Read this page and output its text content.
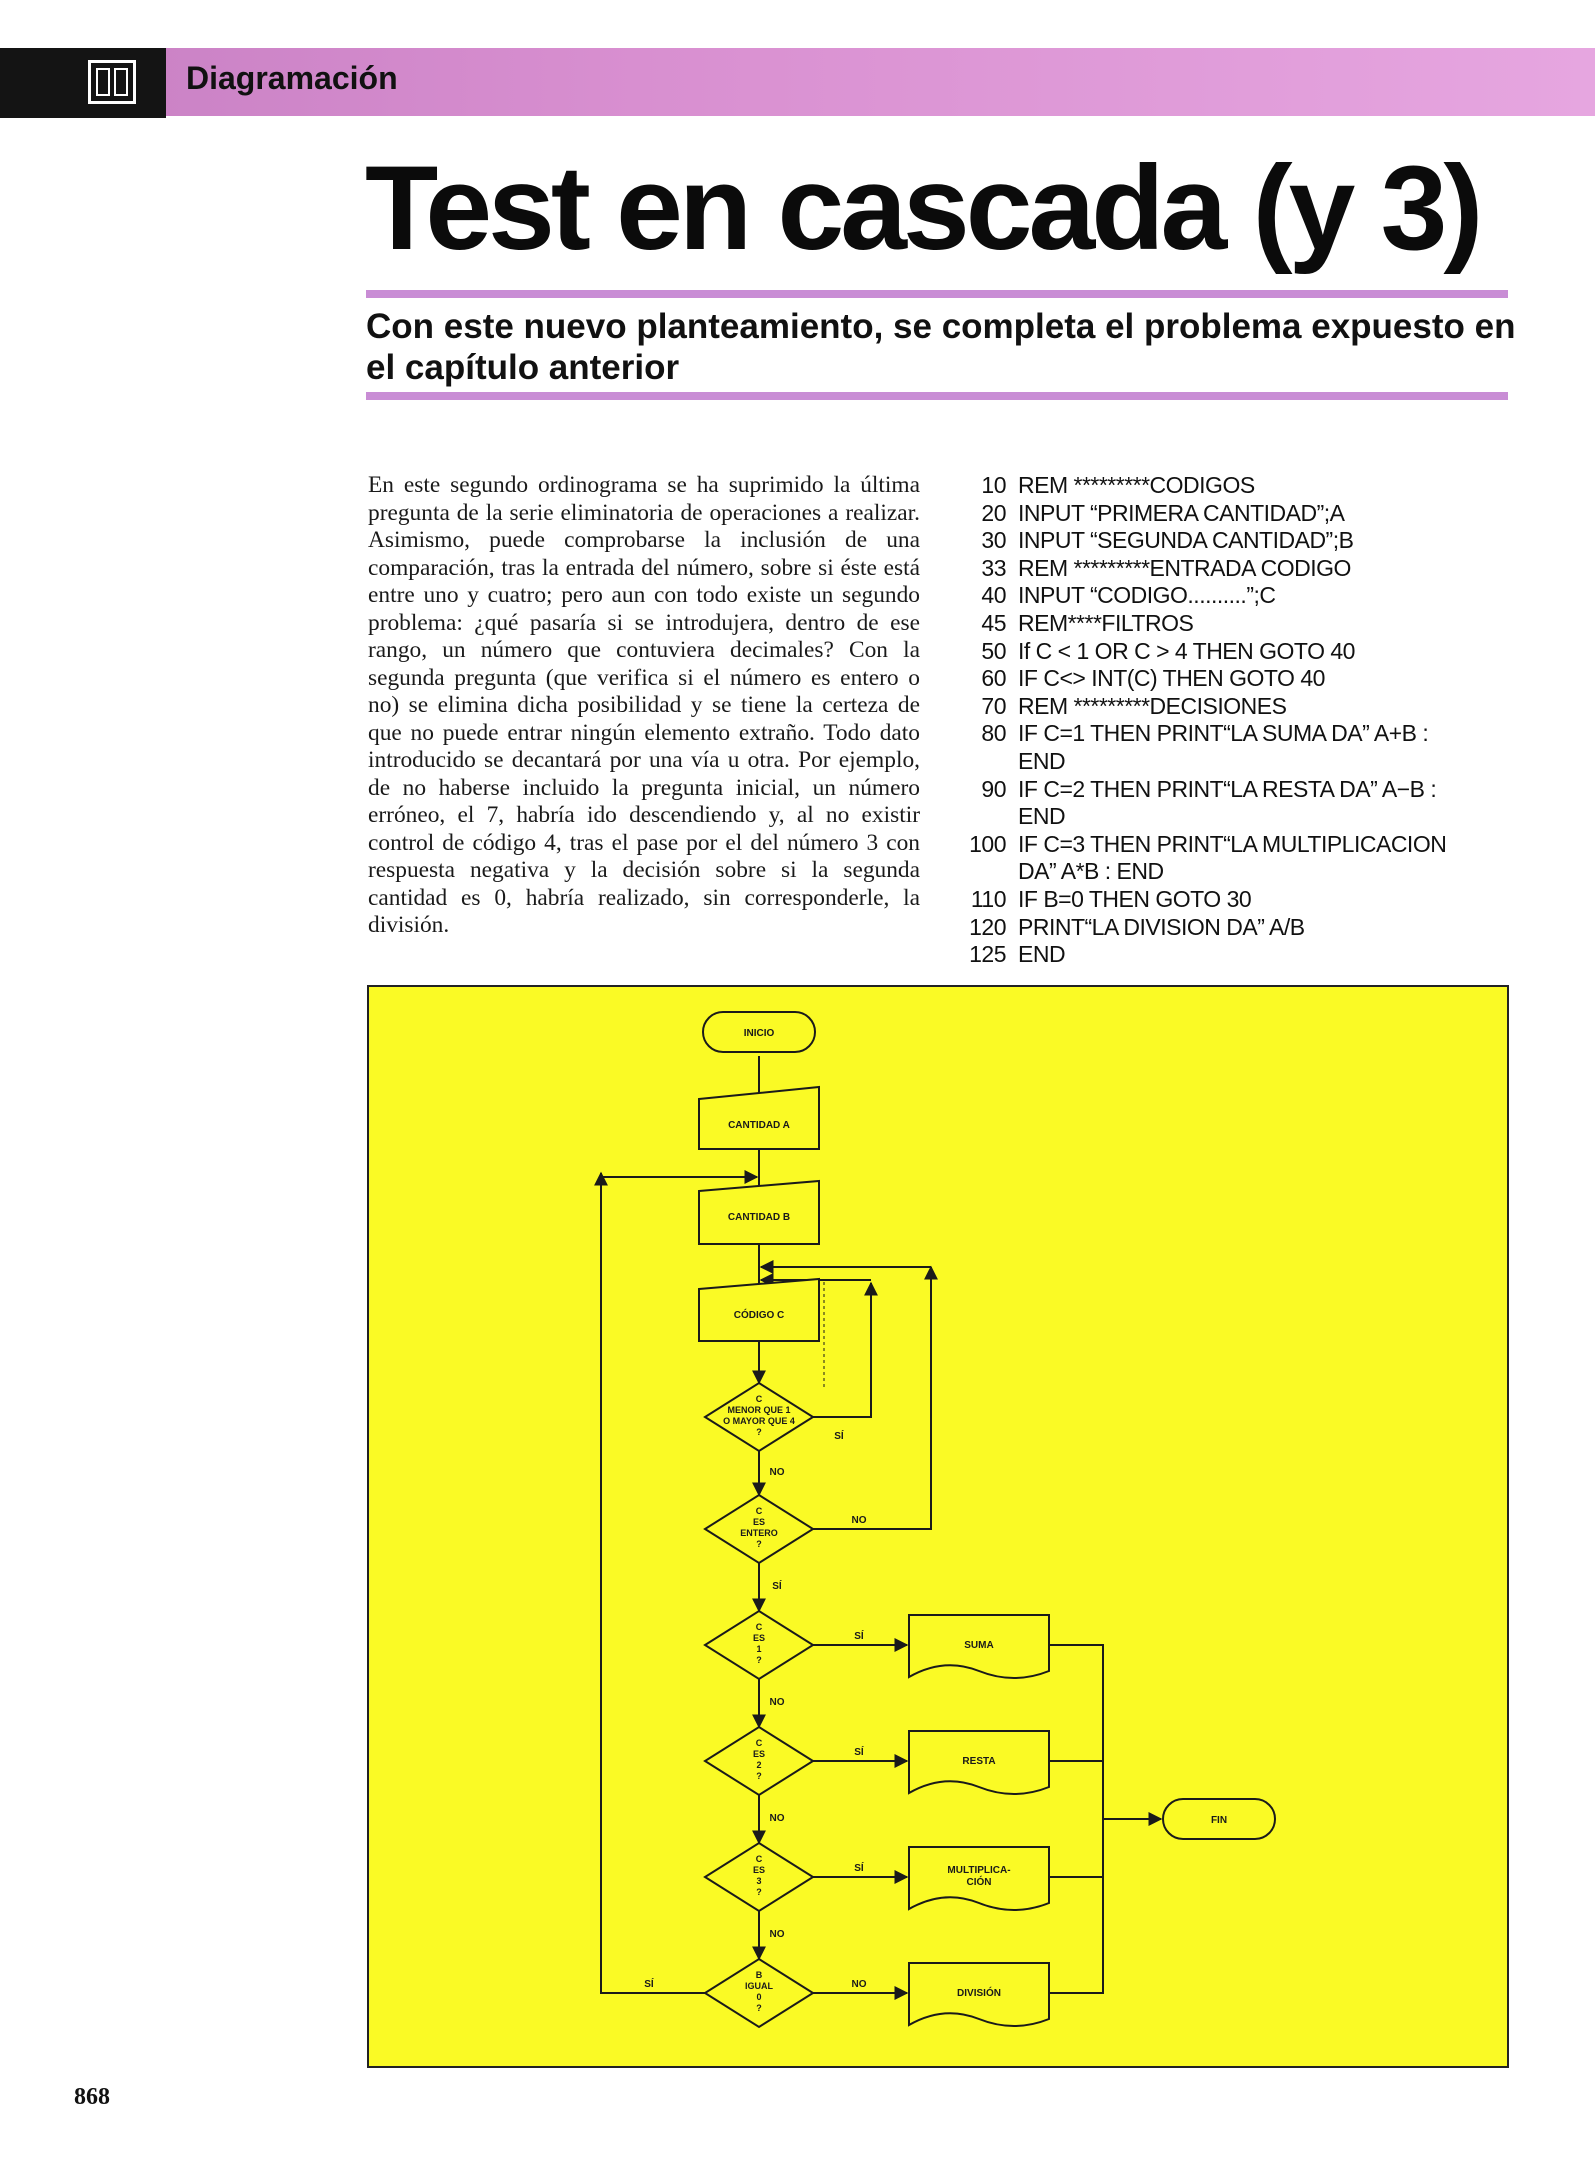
Diagramación
Test en cascada (y 3)
Con este nuevo planteamiento, se completa el problema expuesto en el capítulo anterior
En este segundo ordinograma se ha suprimido la última pregunta de la serie eliminatoria de operaciones a realizar. Asimismo, puede comprobarse la inclusión de una comparación, tras la entrada del número, sobre si éste está entre uno y cuatro; pero aun con todo existe un segundo problema: ¿qué pasaría si se introdujera, dentro de ese rango, un número que contuviera decimales? Con la segunda pregunta (que verifica si el número es entero o no) se elimina dicha posibilidad y se tiene la certeza de que no puede entrar ningún elemento extraño. Todo dato introducido se decantará por una vía u otra. Por ejemplo, de no haberse incluido la pregunta inicial, un número erróneo, el 7, habría ido descendiendo y, al no existir control de código 4, tras el pase por el del número 3 con respuesta negativa y la decisión sobre si la segunda cantidad es 0, habría realizado, sin corresponderle, la división.
10 REM *********CODIGOS
20 INPUT “PRIMERA CANTIDAD”;A
30 INPUT “SEGUNDA CANTIDAD”;B
33 REM *********ENTRADA CODIGO
40 INPUT “CODIGO..........”;C
45 REM****FILTROS
50 If C < 1 OR C > 4 THEN GOTO 40
60 IF C<> INT(C) THEN GOTO 40
70 REM *********DECISIONES
80 IF C=1 THEN PRINT“LA SUMA DA” A+B :
END
90 IF C=2 THEN PRINT“LA RESTA DA” A−B :
END
100 IF C=3 THEN PRINT“LA MULTIPLICACION
DA” A*B : END
110 IF B=0 THEN GOTO 30
120 PRINT“LA DIVISION DA” A/B
125 END
INICIO
CANTIDAD A
CANTIDAD B
CÓDIGO C
C
MENOR QUE 1
O MAYOR QUE 4
?
C
ES
ENTERO
?
C
ES
1
?
C
ES
2
?
C
ES
3
?
B
IGUAL
0
?
SUMA
RESTA
MULTIPLICA-
CIÓN
DIVISIÓN
FIN
SÍ
NO
NO
SÍ
SÍ
NO
SÍ
NO
SÍ
NO
SÍ	NO
868
